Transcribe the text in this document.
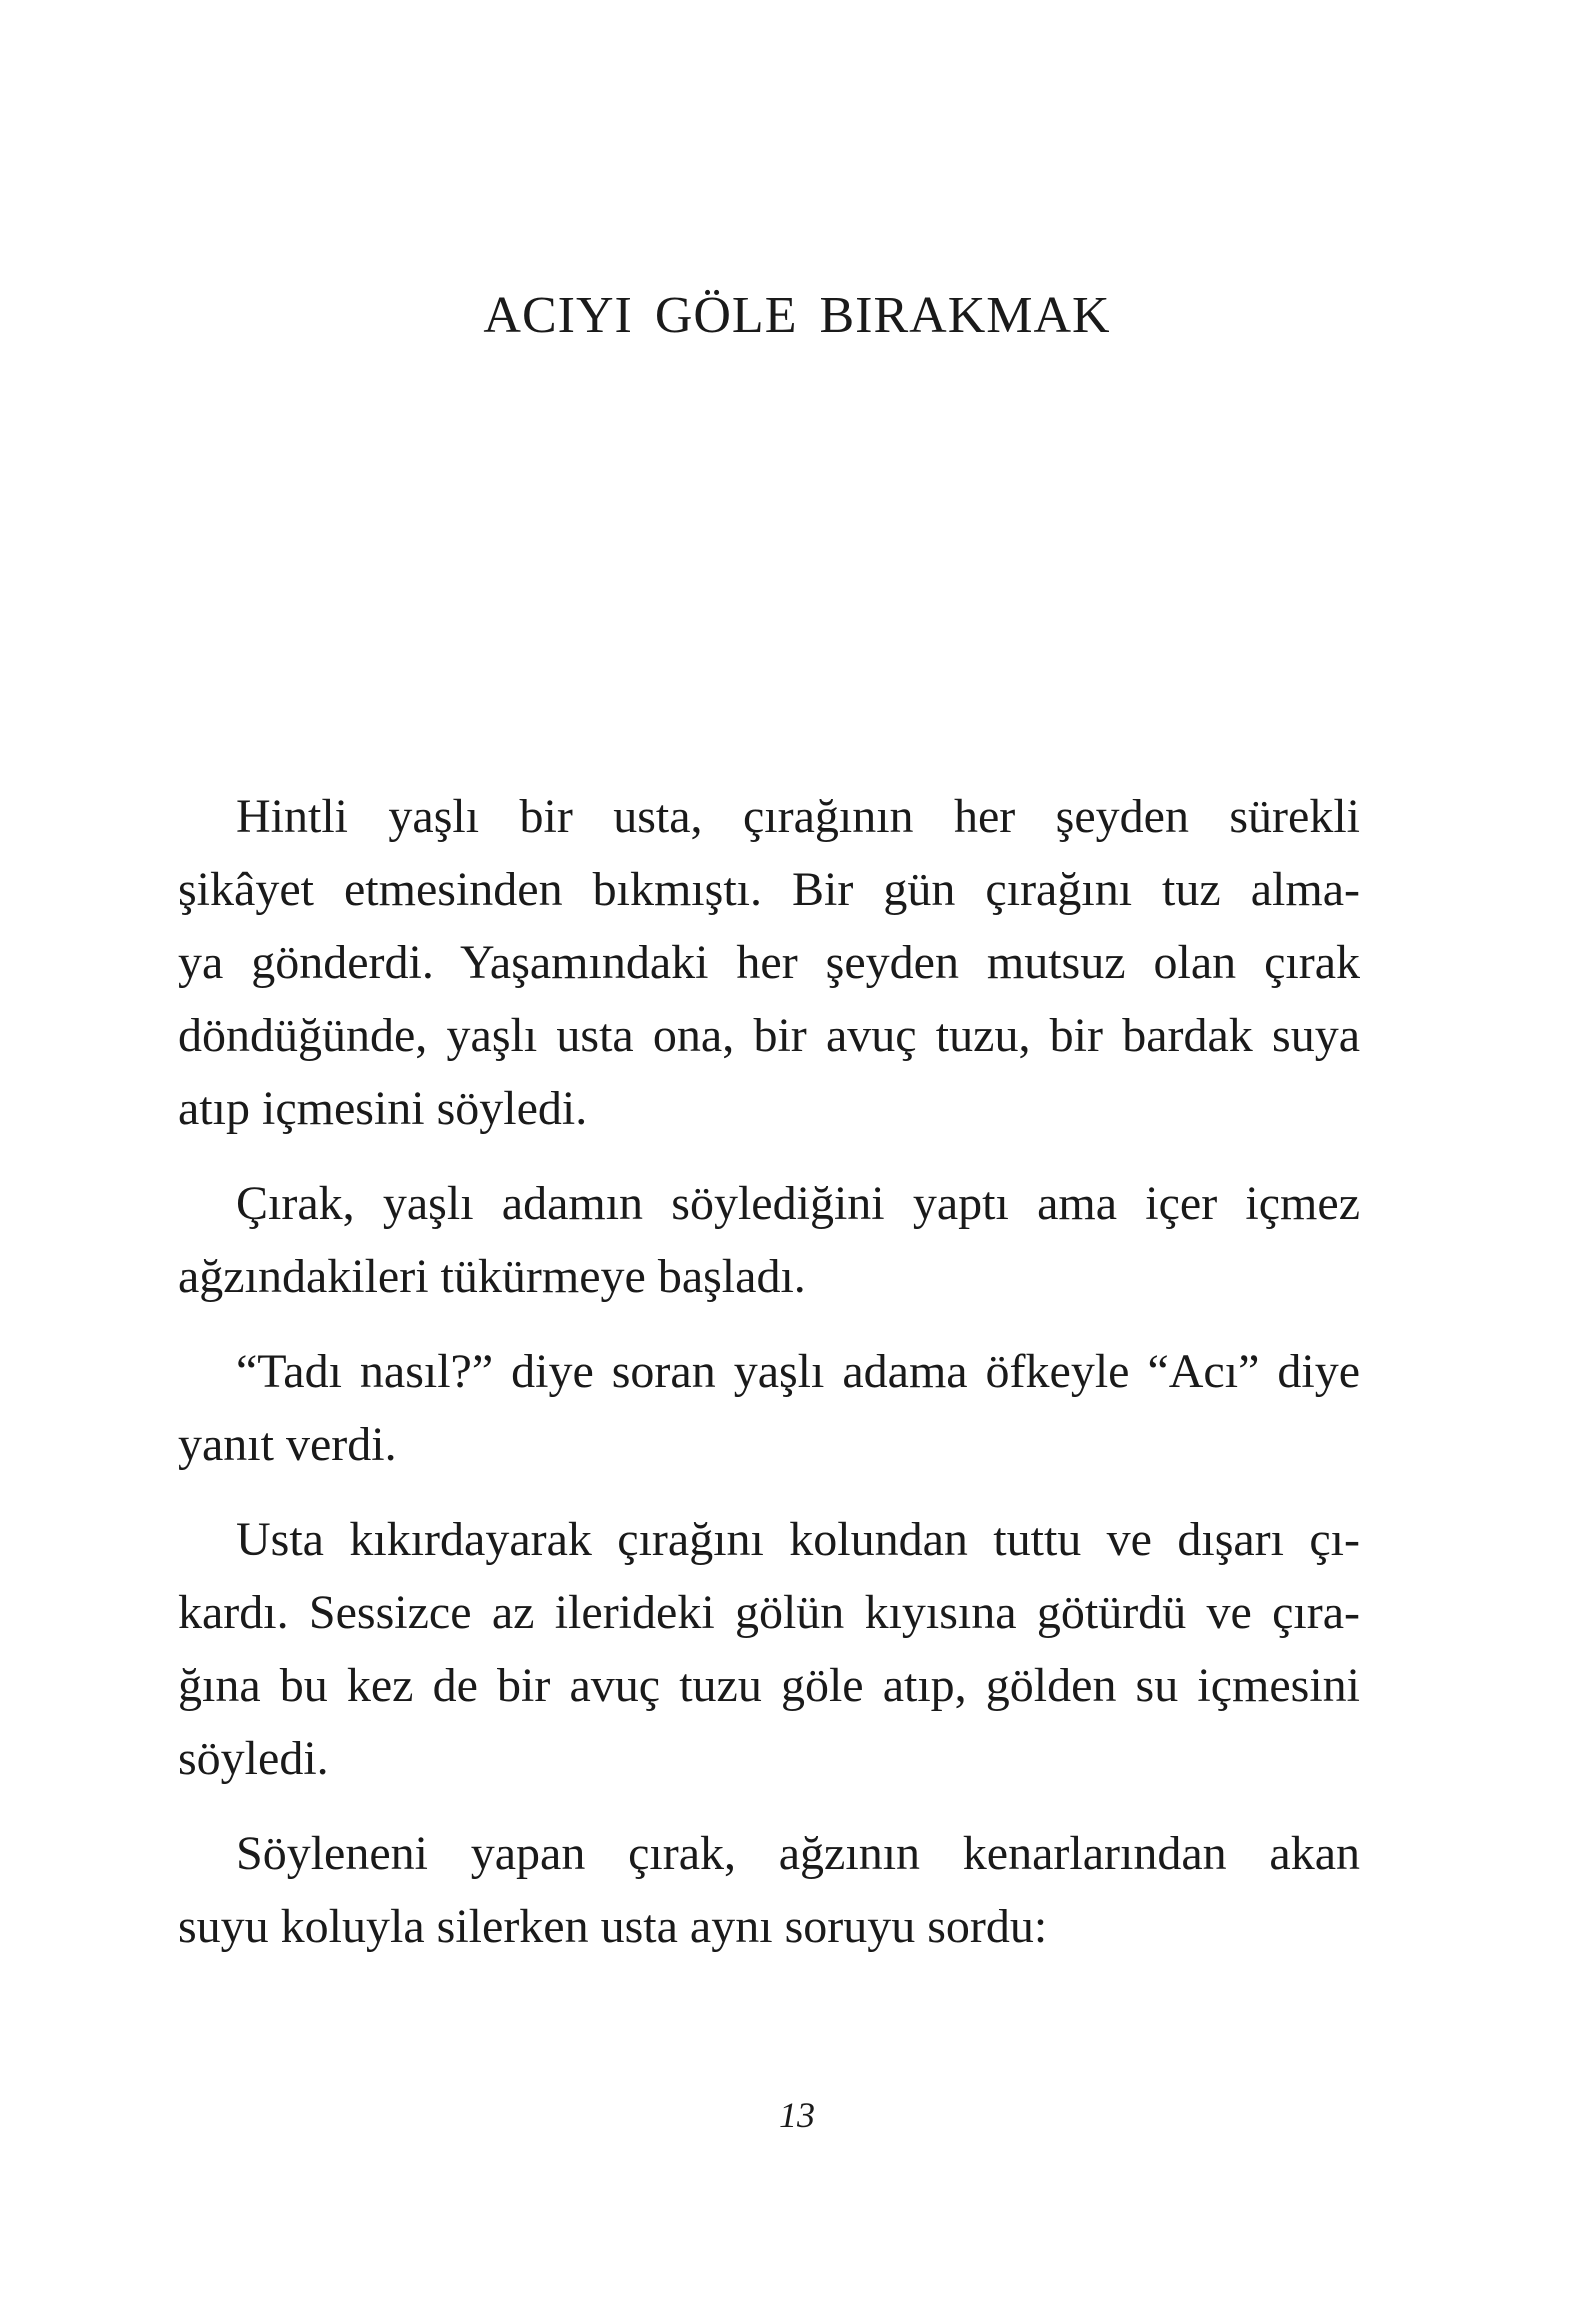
ACIYI GÖLE BIRAKMAK

Hintli yaşlı bir usta, çırağının her şeyden sürekli
şikâyet etmesinden bıkmıştı. Bir gün çırağını tuz alma-
ya gönderdi. Yaşamındaki her şeyden mutsuz olan çırak
döndüğünde, yaşlı usta ona, bir avuç tuzu, bir bardak suya
atıp içmesini söyledi.

Çırak, yaşlı adamın söylediğini yaptı ama içer içmez
ağzındakileri tükürmeye başladı.

“Tadı nasıl?” diye soran yaşlı adama öfkeyle “Acı” diye
yanıt verdi.

Usta kıkırdayarak çırağını kolundan tuttu ve dışarı çı-
kardı. Sessizce az ilerideki gölün kıyısına götürdü ve çıra-
ğına bu kez de bir avuç tuzu göle atıp, gölden su içmesini
söyledi.

Söyleneni yapan çırak, ağzının kenarlarından akan
suyu koluyla silerken usta aynı soruyu sordu:

13
